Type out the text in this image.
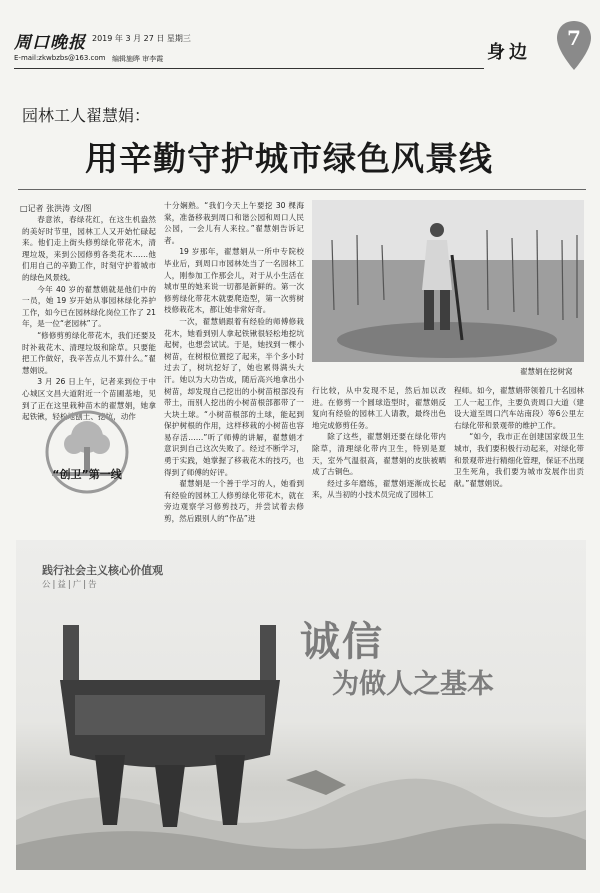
周口晚报 2019 年 3 月 27 日 星期三
E-mail:zkwbzbs@163.com 编辑施晔 审李霞	身边
7
园林工人翟慧娟：
用辛勤守护城市绿色风景线
□记者 张洪涛 文/图

春意浓，春绿花红，在这生机盎然的美好时节里，园林工人又开始忙碌起来。他们走上街头修剪绿化带花木，清理垃圾，来到公园修剪各类花木……他们用自己的辛勤工作，时刻守护着城市的绿色风景线。

今年 40 岁的翟慧娟就是他们中的一员，她 19 岁开始从事园林绿化养护工作，如今已在园林绿化岗位工作了 21 年，是一位“老园林”了。

“修修剪剪绿化带花木，我们还要及时补栽花木、清理垃圾和除草。只要能把工作做好，我辛苦点儿不算什么。”翟慧娟说。

3 月 26 日上午，记者来到位于中心城区文昌大道附近一个苗圃基地，见到了正在这里栽种苗木的翟慧娟，她拿起铁锹，轻松地刨土、挖坑，动作

“创卫”第一线

十分娴熟。“我们今天上午要挖 30 棵海棠，准备移栽到周口和谐公园和周口人民公园，一会儿有人来拉。”翟慧娟告诉记者。

19 岁那年，翟慧娟从一所中专院校毕业后，到周口市园林处当了一名园林工人，刚参加工作那会儿，对于从小生活在城市里的她来说一切都是新鲜的。第一次修剪绿化带花木就要爬造型，第一次剪树枝修栽花木，都让她非常好奇。

一次，翟慧娟跟着有经验的师傅修栽花木，她看到别人拿起铁锹很轻松地挖坑起树，也想尝试试。于是，她找到一棵小树苗，在树根位置挖了起来，半个多小时过去了，树坑挖好了，她也累得满头大汗。她以为大功告成，随后高兴地拿出小树苗，却发现自己挖出的小树苗根部没有带土，而别人挖出的小树苗根部都带了一大块土球。“小树苗根部的土球，能起到保护树根的作用，这样移栽的小树苗也容易存活……”听了师傅的讲解，翟慧娟才意识到自己这次失败了。经过不断学习，勇于实践，她掌握了移栽花木的技巧，也得到了师傅的好评。

翟慧娟是一个善于学习的人，她看到有经验的园林工人修剪绿化带花木，就在旁边观察学习修剪技巧，并尝试着去修剪，然后跟别人的“作品”进

翟慧娟在挖树窝

行比较，从中发现不足，然后加以改进。在修剪一个圆球造型时，翟慧娟反复向有经验的园林工人请教，最终出色地完成修剪任务。

除了这些，翟慧娟还要在绿化带内除草，清理绿化带内卫生，特别是夏天，室外气温很高，翟慧娟的皮肤被晒成了古铜色。

经过多年磨练，翟慧娟逐渐成长起来，从当初的小技术员完成了园林工

程师。如今，翟慧娟带领着几十名园林工人一起工作，主要负责周口大道（建设大道至周口汽车站南段）等6公里左右绿化带和景观带的维护工作。

“如今，我市正在创建国家级卫生城市，我们要积极行动起来，对绿化带和景观带进行精细化管理，保证不出现卫生死角，我们要为城市发展作出贡献。”翟慧娟说。

践行社会主义核心价值观
公|益|广|告
诚信
为做人之基本
